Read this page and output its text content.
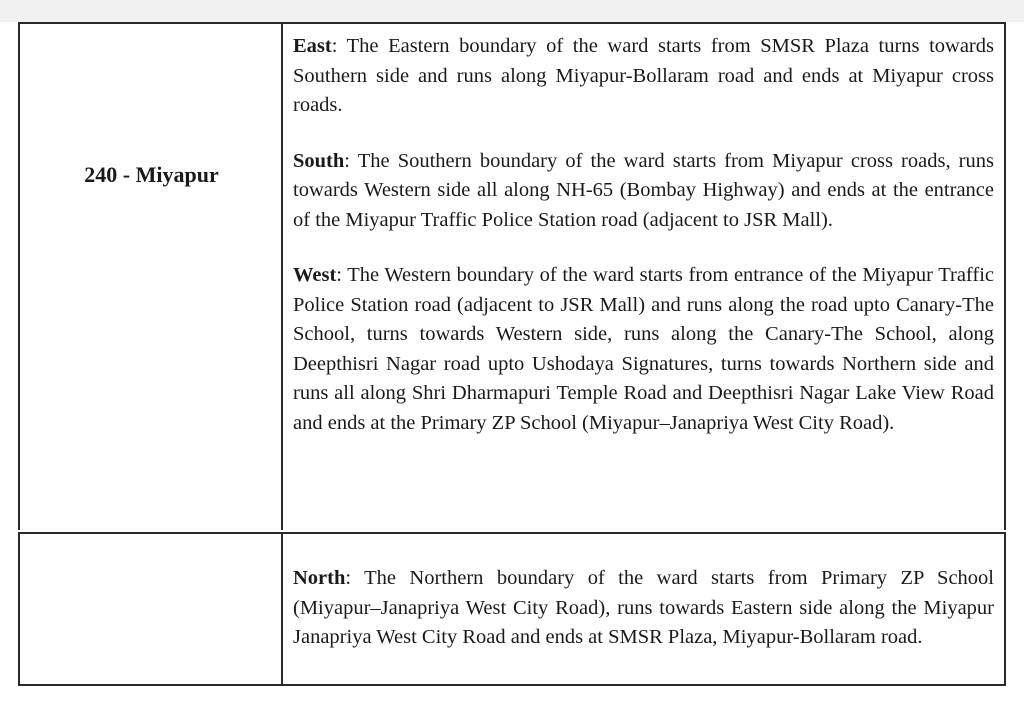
240 - Miyapur

East: The Eastern boundary of the ward starts from SMSR Plaza turns towards Southern side and runs along Miyapur-Bollaram road and ends at Miyapur cross roads.

South: The Southern boundary of the ward starts from Miyapur cross roads, runs towards Western side all along NH-65 (Bombay Highway) and ends at the entrance of the Miyapur Traffic Police Station road (adjacent to JSR Mall).

West: The Western boundary of the ward starts from entrance of the Miyapur Traffic Police Station road (adjacent to JSR Mall) and runs along the road upto Canary-The School, turns towards Western side, runs along the Canary-The School, along Deepthisri Nagar road upto Ushodaya Signatures, turns towards Northern side and runs all along Shri Dharmapuri Temple Road and Deepthisri Nagar Lake View Road and ends at the Primary ZP School (Miyapur–Janapriya West City Road).

North: The Northern boundary of the ward starts from Primary ZP School (Miyapur–Janapriya West City Road), runs towards Eastern side along the Miyapur Janapriya West City Road and ends at SMSR Plaza, Miyapur-Bollaram road.
